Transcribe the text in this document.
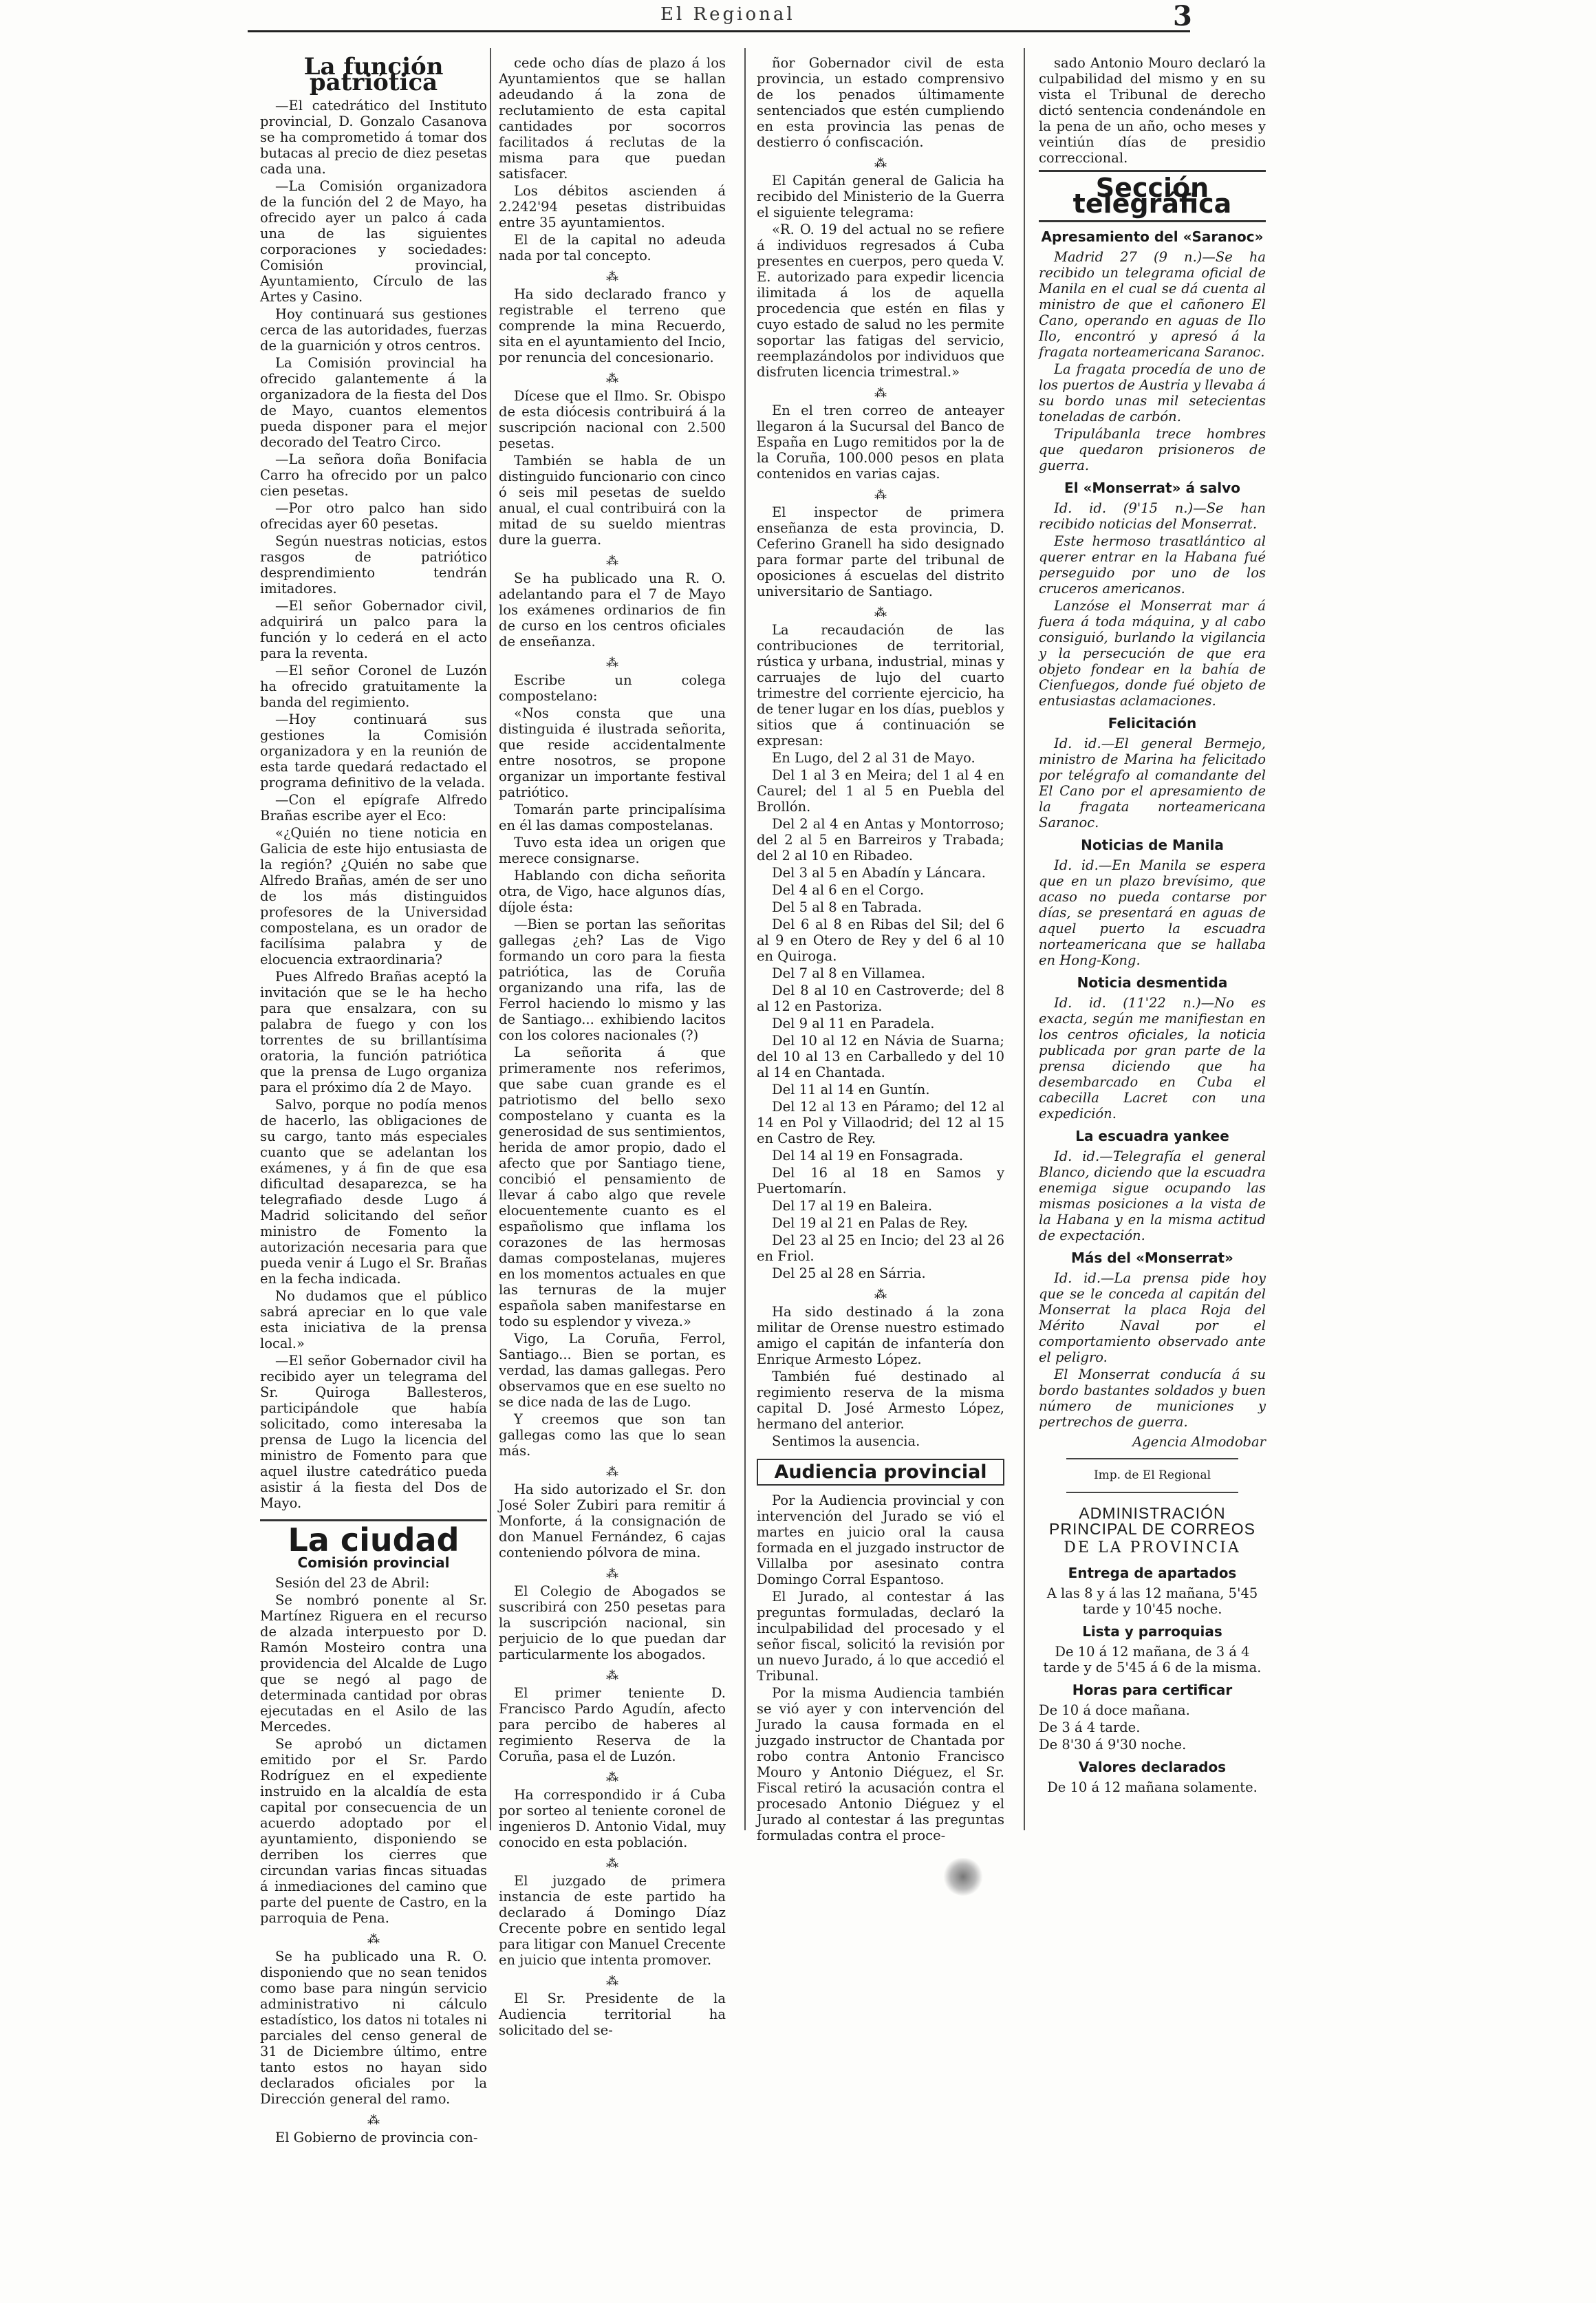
El Regional	3
La función patriótica

—El catedrático del Instituto provincial, D. Gonzalo Casanova se ha comprometido á tomar dos butacas al precio de diez pesetas cada una.

—La Comisión organizadora de la función del 2 de Mayo, ha ofrecido ayer un palco á cada una de las siguientes corporaciones y sociedades: Comisión provincial, Ayuntamiento, Círculo de las Artes y Casino.

Hoy continuará sus gestiones cerca de las autoridades, fuerzas de la guarnición y otros centros.

La Comisión provincial ha ofrecido galantemente á la organizadora de la fiesta del Dos de Mayo, cuantos elementos pueda disponer para el mejor decorado del Teatro Circo.

—La señora doña Bonifacia Carro ha ofrecido por un palco cien pesetas.

—Por otro palco han sido ofrecidas ayer 60 pesetas.

Según nuestras noticias, estos rasgos de patriótico desprendimiento tendrán imitadores.

—El señor Gobernador civil, adquirirá un palco para la función y lo cederá en el acto para la reventa.

—El señor Coronel de Luzón ha ofrecido gratuitamente la banda del regimiento.

—Hoy continuará sus gestiones la Comisión organizadora y en la reunión de esta tarde quedará redactado el programa definitivo de la velada.

—Con el epígrafe Alfredo Brañas escribe ayer el Eco:

«¿Quién no tiene noticia en Galicia de este hijo entusiasta de la región? ¿Quién no sabe que Alfredo Brañas, amén de ser uno de los más distinguidos profesores de la Universidad compostelana, es un orador de facilísima palabra y de elocuencia extraordinaria?

Pues Alfredo Brañas aceptó la invitación que se le ha hecho para que ensalzara, con su palabra de fuego y con los torrentes de su brillantísima oratoria, la función patriótica que la prensa de Lugo organiza para el próximo día 2 de Mayo.

Salvo, porque no podía menos de hacerlo, las obligaciones de su cargo, tanto más especiales cuanto que se adelantan los exámenes, y á fin de que esa dificultad desaparezca, se ha telegrafiado desde Lugo á Madrid solicitando del señor ministro de Fomento la autorización necesaria para que pueda venir á Lugo el Sr. Brañas en la fecha indicada.

No dudamos que el público sabrá apreciar en lo que vale esta iniciativa de la prensa local.»

—El señor Gobernador civil ha recibido ayer un telegrama del Sr. Quiroga Ballesteros, participándole que había solicitado, como interesaba la prensa de Lugo la licencia del ministro de Fomento para que aquel ilustre catedrático pueda asistir á la fiesta del Dos de Mayo.

La ciudad
Comisión provincial

Sesión del 23 de Abril:

Se nombró ponente al Sr. Martínez Riguera en el recurso de alzada interpuesto por D. Ramón Mosteiro contra una providencia del Alcalde de Lugo que se negó al pago de determinada cantidad por obras ejecutadas en el Asilo de las Mercedes.

Se aprobó un dictamen emitido por el Sr. Pardo Rodríguez en el expediente instruido en la alcaldía de esta capital por consecuencia de un acuerdo adoptado por el ayuntamiento, disponiendo se derriben los cierres que circundan varias fincas situadas á inmediaciones del camino que parte del puente de Castro, en la parroquia de Pena.

⁂

Se ha publicado una R. O. disponiendo que no sean tenidos como base para ningún servicio administrativo ni cálculo estadístico, los datos ni totales ni parciales del censo general de 31 de Diciembre último, entre tanto estos no hayan sido declarados oficiales por la Dirección general del ramo.

⁂

El Gobierno de provincia con-

cede ocho días de plazo á los Ayuntamientos que se hallan adeudando á la zona de reclutamiento de esta capital cantidades por socorros facilitados á reclutas de la misma para que puedan satisfacer.

Los débitos ascienden á 2.242'94 pesetas distribuidas entre 35 ayuntamientos.

El de la capital no adeuda nada por tal concepto.

⁂

Ha sido declarado franco y registrable el terreno que comprende la mina Recuerdo, sita en el ayuntamiento del Incio, por renuncia del concesionario.

⁂

Dícese que el Ilmo. Sr. Obispo de esta diócesis contribuirá á la suscripción nacional con 2.500 pesetas.

También se habla de un distinguido funcionario con cinco ó seis mil pesetas de sueldo anual, el cual contribuirá con la mitad de su sueldo mientras dure la guerra.

⁂

Se ha publicado una R. O. adelantando para el 7 de Mayo los exámenes ordinarios de fin de curso en los centros oficiales de enseñanza.

⁂

Escribe un colega compostelano:

«Nos consta que una distinguida é ilustrada señorita, que reside accidentalmente entre nosotros, se propone organizar un importante festival patriótico.

Tomarán parte principalísima en él las damas compostelanas.

Tuvo esta idea un origen que merece consignarse.

Hablando con dicha señorita otra, de Vigo, hace algunos días, díjole ésta:

—Bien se portan las señoritas gallegas ¿eh? Las de Vigo formando un coro para la fiesta patriótica, las de Coruña organizando una rifa, las de Ferrol haciendo lo mismo y las de Santiago... exhibiendo lacitos con los colores nacionales (?)

La señorita á que primeramente nos referimos, que sabe cuan grande es el patriotismo del bello sexo compostelano y cuanta es la generosidad de sus sentimientos, herida de amor propio, dado el afecto que por Santiago tiene, concibió el pensamiento de llevar á cabo algo que revele elocuentemente cuanto es el españolismo que inflama los corazones de las hermosas damas compostelanas, mujeres en los momentos actuales en que las ternuras de la mujer española saben manifestarse en todo su esplendor y viveza.»

Vigo, La Coruña, Ferrol, Santiago... Bien se portan, es verdad, las damas gallegas. Pero observamos que en ese suelto no se dice nada de las de Lugo.

Y creemos que son tan gallegas como las que lo sean más.

⁂

Ha sido autorizado el Sr. don José Soler Zubiri para remitir á Monforte, á la consignación de don Manuel Fernández, 6 cajas conteniendo pólvora de mina.

⁂

El Colegio de Abogados se suscribirá con 250 pesetas para la suscripción nacional, sin perjuicio de lo que puedan dar particularmente los abogados.

⁂

El primer teniente D. Francisco Pardo Agudín, afecto para percibo de haberes al regimiento Reserva de la Coruña, pasa el de Luzón.

⁂

Ha correspondido ir á Cuba por sorteo al teniente coronel de ingenieros D. Antonio Vidal, muy conocido en esta población.

⁂

El juzgado de primera instancia de este partido ha declarado á Domingo Díaz Crecente pobre en sentido legal para litigar con Manuel Crecente en juicio que intenta promover.

⁂

El Sr. Presidente de la Audiencia territorial ha solicitado del se-

ñor Gobernador civil de esta provincia, un estado comprensivo de los penados últimamente sentenciados que estén cumpliendo en esta provincia las penas de destierro ó confiscación.

⁂

El Capitán general de Galicia ha recibido del Ministerio de la Guerra el siguiente telegrama:

«R. O. 19 del actual no se refiere á individuos regresados á Cuba presentes en cuerpos, pero queda V. E. autorizado para expedir licencia ilimitada á los de aquella procedencia que estén en filas y cuyo estado de salud no les permite soportar las fatigas del servicio, reemplazándolos por individuos que disfruten licencia trimestral.»

⁂

En el tren correo de anteayer llegaron á la Sucursal del Banco de España en Lugo remitidos por la de la Coruña, 100.000 pesos en plata contenidos en varias cajas.

⁂

El inspector de primera enseñanza de esta provincia, D. Ceferino Granell ha sido designado para formar parte del tribunal de oposiciones á escuelas del distrito universitario de Santiago.

⁂

La recaudación de las contribuciones de territorial, rústica y urbana, industrial, minas y carruajes de lujo del cuarto trimestre del corriente ejercicio, ha de tener lugar en los días, pueblos y sitios que á continuación se expresan:

En Lugo, del 2 al 31 de Mayo.

Del 1 al 3 en Meira; del 1 al 4 en Caurel; del 1 al 5 en Puebla del Brollón.

Del 2 al 4 en Antas y Montorroso; del 2 al 5 en Barreiros y Trabada; del 2 al 10 en Ribadeo.

Del 3 al 5 en Abadín y Láncara.

Del 4 al 6 en el Corgo.

Del 5 al 8 en Tabrada.

Del 6 al 8 en Ribas del Sil; del 6 al 9 en Otero de Rey y del 6 al 10 en Quiroga.

Del 7 al 8 en Villamea.

Del 8 al 10 en Castroverde; del 8 al 12 en Pastoriza.

Del 9 al 11 en Paradela.

Del 10 al 12 en Návia de Suarna; del 10 al 13 en Carballedo y del 10 al 14 en Chantada.

Del 11 al 14 en Guntín.

Del 12 al 13 en Páramo; del 12 al 14 en Pol y Villaodrid; del 12 al 15 en Castro de Rey.

Del 14 al 19 en Fonsagrada.

Del 16 al 18 en Samos y Puertomarín.

Del 17 al 19 en Baleira.

Del 19 al 21 en Palas de Rey.

Del 23 al 25 en Incio; del 23 al 26 en Friol.

Del 25 al 28 en Sárria.

⁂

Ha sido destinado á la zona militar de Orense nuestro estimado amigo el capitán de infantería don Enrique Armesto López.

También fué destinado al regimiento reserva de la misma capital D. José Armesto López, hermano del anterior.

Sentimos la ausencia.

Audiencia provincial

Por la Audiencia provincial y con intervención del Jurado se vió el martes en juicio oral la causa formada en el juzgado instructor de Villalba por asesinato contra Domingo Corral Espantoso.

El Jurado, al contestar á las preguntas formuladas, declaró la inculpabilidad del procesado y el señor fiscal, solicitó la revisión por un nuevo Jurado, á lo que accedió el Tribunal.

Por la misma Audiencia también se vió ayer y con intervención del Jurado la causa formada en el juzgado instructor de Chantada por robo contra Antonio Francisco Mouro y Antonio Diéguez, el Sr. Fiscal retiró la acusación contra el procesado Antonio Diéguez y el Jurado al contestar á las preguntas formuladas contra el proce-

sado Antonio Mouro declaró la culpabilidad del mismo y en su vista el Tribunal de derecho dictó sentencia condenándole en la pena de un año, ocho meses y veintiún días de presidio correccional.

Sección telegráfica
Apresamiento del «Saranoc»

Madrid 27 (9 n.)—Se ha recibido un telegrama oficial de Manila en el cual se dá cuenta al ministro de que el cañonero El Cano, operando en aguas de Ilo Ilo, encontró y apresó á la fragata norteamericana Saranoc.

La fragata procedía de uno de los puertos de Austria y llevaba á su bordo unas mil setecientas toneladas de carbón.

Tripulábanla trece hombres que quedaron prisioneros de guerra.

El «Monserrat» á salvo

Id. id. (9'15 n.)—Se han recibido noticias del Monserrat.

Este hermoso trasatlántico al querer entrar en la Habana fué perseguido por uno de los cruceros americanos.

Lanzóse el Monserrat mar á fuera á toda máquina, y al cabo consiguió, burlando la vigilancia y la persecución de que era objeto fondear en la bahía de Cienfuegos, donde fué objeto de entusiastas aclamaciones.

Felicitación

Id. id.—El general Bermejo, ministro de Marina ha felicitado por telégrafo al comandante del El Cano por el apresamiento de la fragata norteamericana Saranoc.

Noticias de Manila

Id. id.—En Manila se espera que en un plazo brevísimo, que acaso no pueda contarse por días, se presentará en aguas de aquel puerto la escuadra norteamericana que se hallaba en Hong-Kong.

Noticia desmentida

Id. id. (11'22 n.)—No es exacta, según me manifiestan en los centros oficiales, la noticia publicada por gran parte de la prensa diciendo que ha desembarcado en Cuba el cabecilla Lacret con una expedición.

La escuadra yankee

Id. id.—Telegrafía el general Blanco, diciendo que la escuadra enemiga sigue ocupando las mismas posiciones a la vista de la Habana y en la misma actitud de expectación.

Más del «Monserrat»

Id. id.—La prensa pide hoy que se le conceda al capitán del Monserrat la placa Roja del Mérito Naval por el comportamiento observado ante el peligro.

El Monserrat conducía á su bordo bastantes soldados y buen número de municiones y pertrechos de guerra.

Agencia Almodobar
Imp. de El Regional
ADMINISTRACIÓN PRINCIPAL DE CORREOS
DE LA PROVINCIA
Entrega de apartados

A las 8 y á las 12 mañana, 5'45 tarde y 10'45 noche.

Lista y parroquias

De 10 á 12 mañana, de 3 á 4 tarde y de 5'45 á 6 de la misma.

Horas para certificar

De 10 á doce mañana.

De 3 á 4 tarde.

De 8'30 á 9'30 noche.

Valores declarados

De 10 á 12 mañana solamente.
